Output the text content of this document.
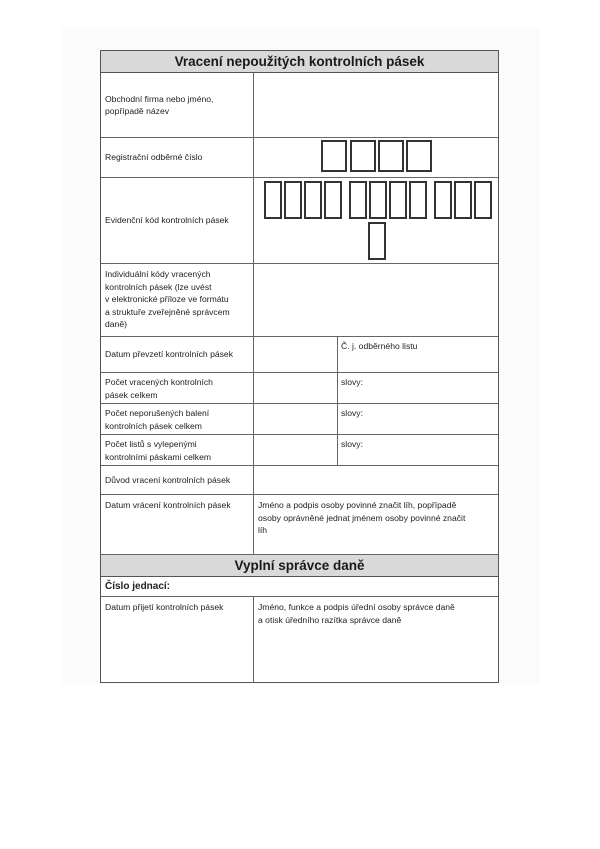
Vracení nepoužitých kontrolních pásek
Obchodní firma nebo jméno, popřípadě název
Registrační odběrné číslo
Evidenční kód kontrolních pásek
Individuální kódy vracených
kontrolních pásek (lze uvést
v elektronické příloze ve formátu
a struktuře zveřejněné správcem
daně)
Datum převzetí kontrolních pásek
Č. j. odběrného listu
Počet vracených kontrolních
pásek celkem
slovy:
Počet neporušených balení
kontrolních pásek celkem
slovy:
Počet listů s vylepenými
kontrolními páskami celkem
slovy:
Důvod vracení kontrolních pásek
Datum vrácení kontrolních pásek	Jméno a podpis osoby povinné značit líh, popřípadě
osoby oprávněné jednat jménem osoby povinné značit
líh
Vyplní správce daně
Číslo jednací:
Datum přijetí kontrolních pásek	Jméno, funkce a podpis úřední osoby správce daně
a otisk úředního razítka správce daně
